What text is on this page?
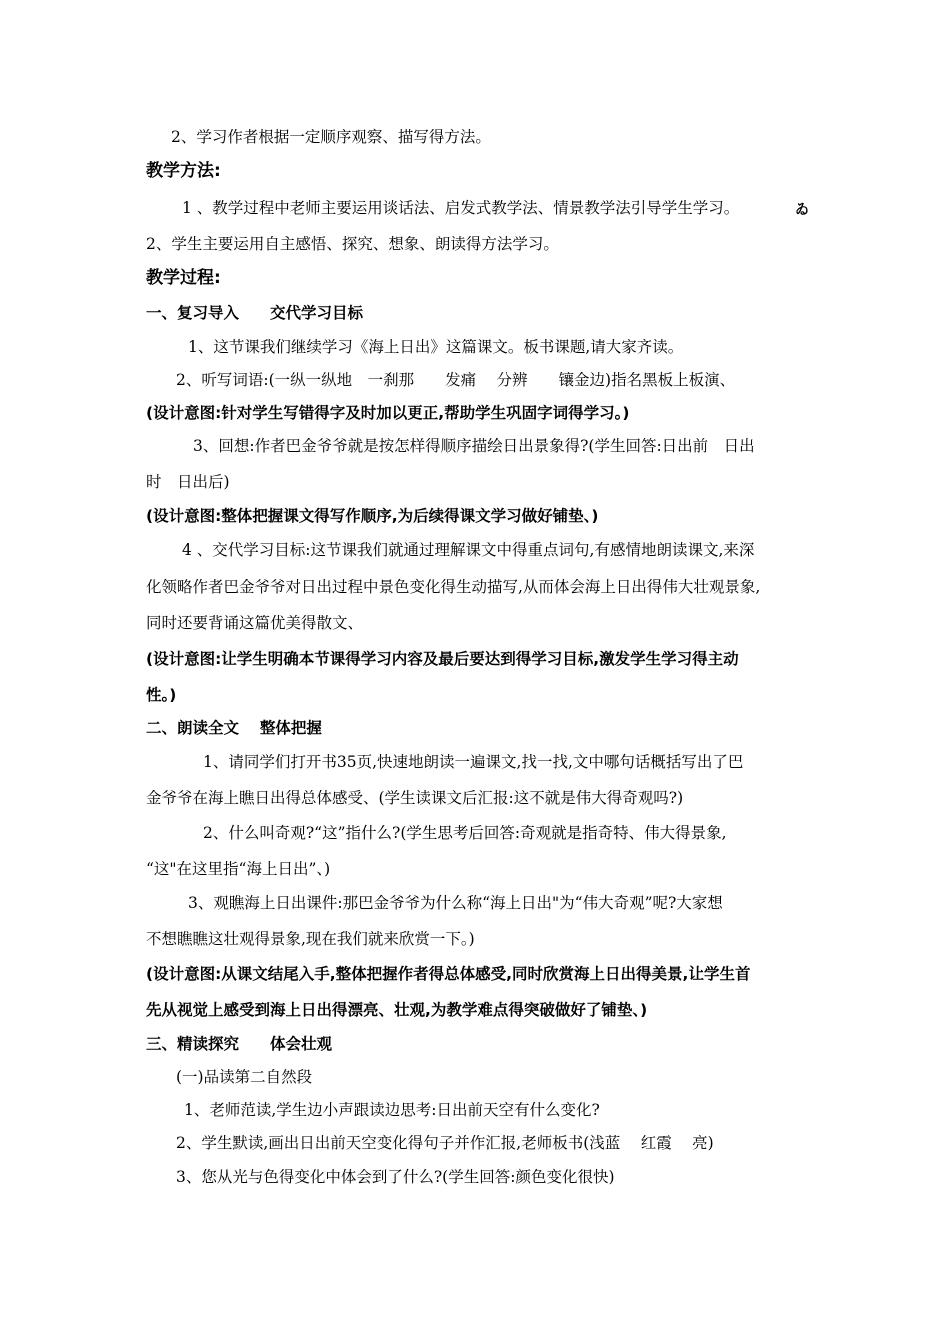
2、学习作者根据一定顺序观察、描写得方法。
教学方法:
1 、教学过程中老师主要运用谈话法、启发式教学法、情景教学法引导学生学习。	ゐ
2、学生主要运用自主感悟、探究、想象、朗读得方法学习。
教学过程:
一、复习导入　　交代学习目标
1、这节课我们继续学习《海上日出》这篇课文。板书课题,请大家齐读。
2、听写词语:(一纵一纵地　一刹那　　发痛　 分辨　　镶金边)指名黑板上板演、
(设计意图:针对学生写错得字及时加以更正,帮助学生巩固字词得学习。)
3、回想:作者巴金爷爷就是按怎样得顺序描绘日出景象得?(学生回答:日出前　日出
时　日出后)
(设计意图:整体把握课文得写作顺序,为后续得课文学习做好铺垫、)
4 、交代学习目标:这节课我们就通过理解课文中得重点词句,有感情地朗读课文,来深
化领略作者巴金爷爷对日出过程中景色变化得生动描写,从而体会海上日出得伟大壮观景象,
同时还要背诵这篇优美得散文、
(设计意图:让学生明确本节课得学习内容及最后要达到得学习目标,激发学生学习得主动
性。)
二、朗读全文　 整体把握
1、请同学们打开书35页,快速地朗读一遍课文,找一找,文中哪句话概括写出了巴
金爷爷在海上瞧日出得总体感受、(学生读课文后汇报:这不就是伟大得奇观吗?)
2、什么叫奇观?“这”指什么?(学生思考后回答:奇观就是指奇特、伟大得景象,
“这"在这里指“海上日出”、)
3、观瞧海上日出课件:那巴金爷爷为什么称“海上日出"为“伟大奇观”呢?大家想
不想瞧瞧这壮观得景象,现在我们就来欣赏一下。)
(设计意图:从课文结尾入手,整体把握作者得总体感受,同时欣赏海上日出得美景,让学生首
先从视觉上感受到海上日出得漂亮、壮观,为教学难点得突破做好了铺垫、)
三、精读探究　　体会壮观
(一)品读第二自然段
1、老师范读,学生边小声跟读边思考:日出前天空有什么变化?
2、学生默读,画出日出前天空变化得句子并作汇报,老师板书(浅蓝　 红霞　 亮)
3、您从光与色得变化中体会到了什么?(学生回答:颜色变化很快)
